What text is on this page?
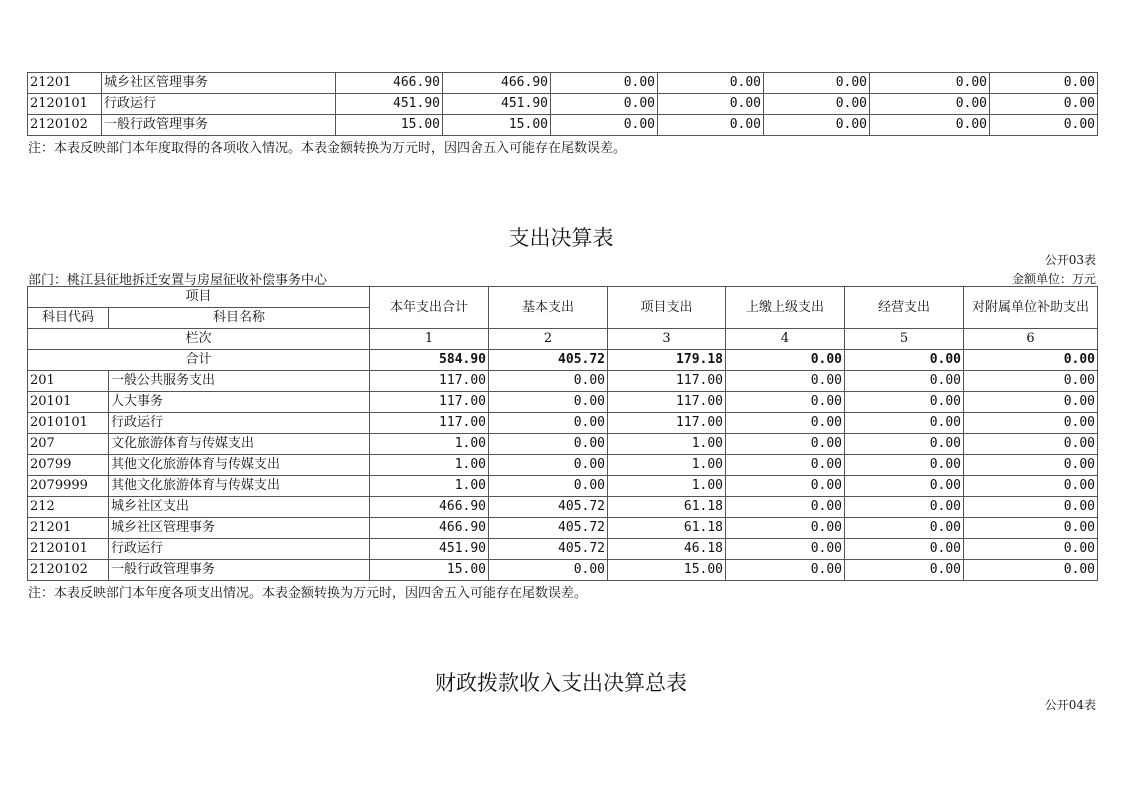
21201	城乡社区管理事务	466.90	466.90	0.00	0.00	0.00	0.00	0.00
2120101	行政运行	451.90	451.90	0.00	0.00	0.00	0.00	0.00
2120102	一般行政管理事务	15.00	15.00	0.00	0.00	0.00	0.00	0.00
注：本表反映部门本年度取得的各项收入情况。本表金额转换为万元时，因四舍五入可能存在尾数误差。
支出决算表
公开03表
部门：桃江县征地拆迁安置与房屋征收补偿事务中心	金额单位：万元
项目		本年支出合计	基本支出	项目支出	上缴上级支出	经营支出	对附属单位补助支出
科目代码	科目名称						
栏次		1	2	3	4	5	6
合计		584.90	405.72	179.18	0.00	0.00	0.00
201	一般公共服务支出	117.00	0.00	117.00	0.00	0.00	0.00
20101	人大事务	117.00	0.00	117.00	0.00	0.00	0.00
2010101	行政运行	117.00	0.00	117.00	0.00	0.00	0.00
207	文化旅游体育与传媒支出	1.00	0.00	1.00	0.00	0.00	0.00
20799	其他文化旅游体育与传媒支出	1.00	0.00	1.00	0.00	0.00	0.00
2079999	其他文化旅游体育与传媒支出	1.00	0.00	1.00	0.00	0.00	0.00
212	城乡社区支出	466.90	405.72	61.18	0.00	0.00	0.00
21201	城乡社区管理事务	466.90	405.72	61.18	0.00	0.00	0.00
2120101	行政运行	451.90	405.72	46.18	0.00	0.00	0.00
2120102	一般行政管理事务	15.00	0.00	15.00	0.00	0.00	0.00
注：本表反映部门本年度各项支出情况。本表金额转换为万元时，因四舍五入可能存在尾数误差。
财政拨款收入支出决算总表
公开04表
